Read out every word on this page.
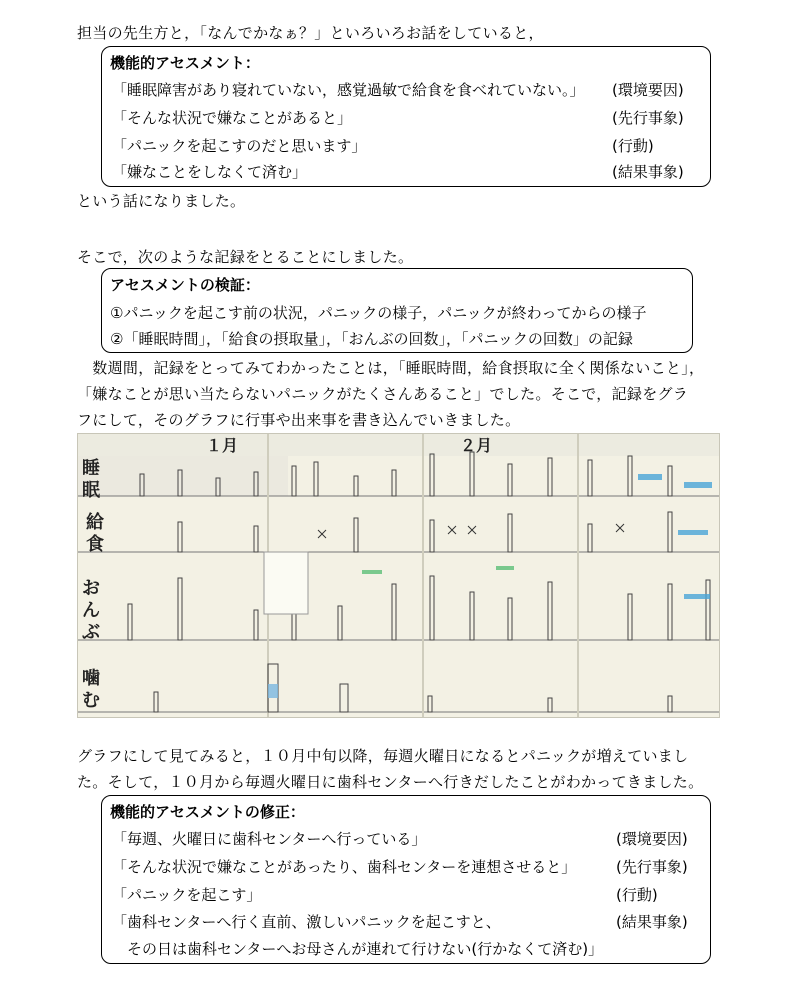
担当の先生方と，「なんでかなぁ？」といろいろお話をしていると，
機能的アセスメント：
「睡眠障害があり寝れていない，感覚過敏で給食を食べれていない。」 (環境要因)
「そんな状況で嫌なことがあると」	(先行事象)
「パニックを起こすのだと思います」	(行動)
「嫌なことをしなくて済む」	(結果事象)
という話になりました。
そこで，次のような記録をとることにしました。
アセスメントの検証：
①パニックを起こす前の状況，パニックの様子，パニックが終わってからの様子
②「睡眠時間」，「給食の摂取量」，「おんぶの回数」，「パニックの回数」の記録
　数週間，記録をとってみてわかったことは，「睡眠時間，給食摂取に全く関係ないこと」，
「嫌なことが思い当たらないパニックがたくさんあること」でした。そこで，記録をグラ
フにして，そのグラフに行事や出来事を書き込んでいきました。
１月	２月
睡
眠
給
食
お
ん
ぶ
噛
む
グラフにして見てみると，１０月中旬以降，毎週火曜日になるとパニックが増えていまし
た。そして，１０月から毎週火曜日に歯科センターへ行きだしたことがわかってきました。
機能的アセスメントの修正：
「毎週、火曜日に歯科センターへ行っている」	(環境要因)
「そんな状況で嫌なことがあったり、歯科センターを連想させると」	(先行事象)
「パニックを起こす」	(行動)
「歯科センターへ行く直前、激しいパニックを起こすと、	(結果事象)
　その日は歯科センターへお母さんが連れて行けない(行かなくて済む)」
